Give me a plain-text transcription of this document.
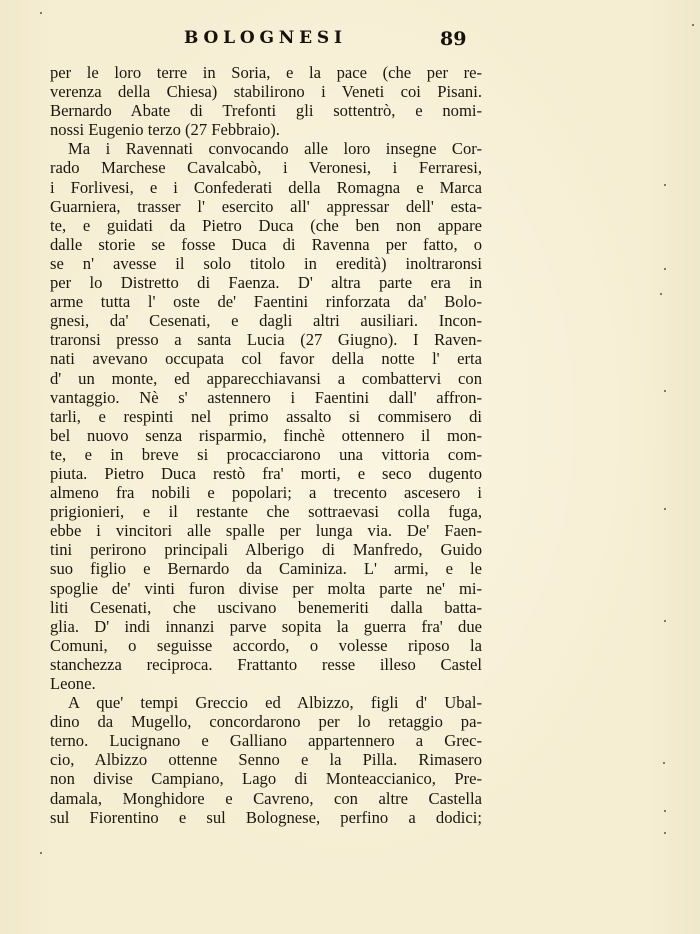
BOLOGNESI	89
per le loro terre in Soria, e la pace (che per re-
verenza della Chiesa) stabilirono i Veneti coi Pisani.
Bernardo Abate di Trefonti gli sottentrò, e nomi-
nossi Eugenio terzo (27 Febbraio).
Ma i Ravennati convocando alle loro insegne Cor-
rado Marchese Cavalcabò, i Veronesi, i Ferraresi,
i Forlivesi, e i Confederati della Romagna e Marca
Guarniera, trasser l' esercito all' appressar dell' esta-
te, e guidati da Pietro Duca (che ben non appare
dalle storie se fosse Duca di Ravenna per fatto, o
se n' avesse il solo titolo in eredità) inoltraronsi
per lo Distretto di Faenza. D' altra parte era in
arme tutta l' oste de' Faentini rinforzata da' Bolo-
gnesi, da' Cesenati, e dagli altri ausiliari. Incon-
traronsi presso a santa Lucia (27 Giugno). I Raven-
nati avevano occupata col favor della notte l' erta
d' un monte, ed apparecchiavansi a combattervi con
vantaggio. Nè s' astennero i Faentini dall' affron-
tarli, e respinti nel primo assalto si commisero di
bel nuovo senza risparmio, finchè ottennero il mon-
te, e in breve si procacciarono una vittoria com-
piuta. Pietro Duca restò fra' morti, e seco dugento
almeno fra nobili e popolari; a trecento ascesero i
prigionieri, e il restante che sottraevasi colla fuga,
ebbe i vincitori alle spalle per lunga via. De' Faen-
tini perirono principali Alberigo di Manfredo, Guido
suo figlio e Bernardo da Caminiza. L' armi, e le
spoglie de' vinti furon divise per molta parte ne' mi-
liti Cesenati, che uscivano benemeriti dalla batta-
glia. D' indi innanzi parve sopita la guerra fra' due
Comuni, o seguisse accordo, o volesse riposo la
stanchezza reciproca. Frattanto resse illeso Castel
Leone.
A que' tempi Greccio ed Albizzo, figli d' Ubal-
dino da Mugello, concordarono per lo retaggio pa-
terno. Lucignano e Galliano appartennero a Grec-
cio, Albizzo ottenne Senno e la Pilla. Rimasero
non divise Campiano, Lago di Monteaccianico, Pre-
damala, Monghidore e Cavreno, con altre Castella
sul Fiorentino e sul Bolognese, perfino a dodici;
